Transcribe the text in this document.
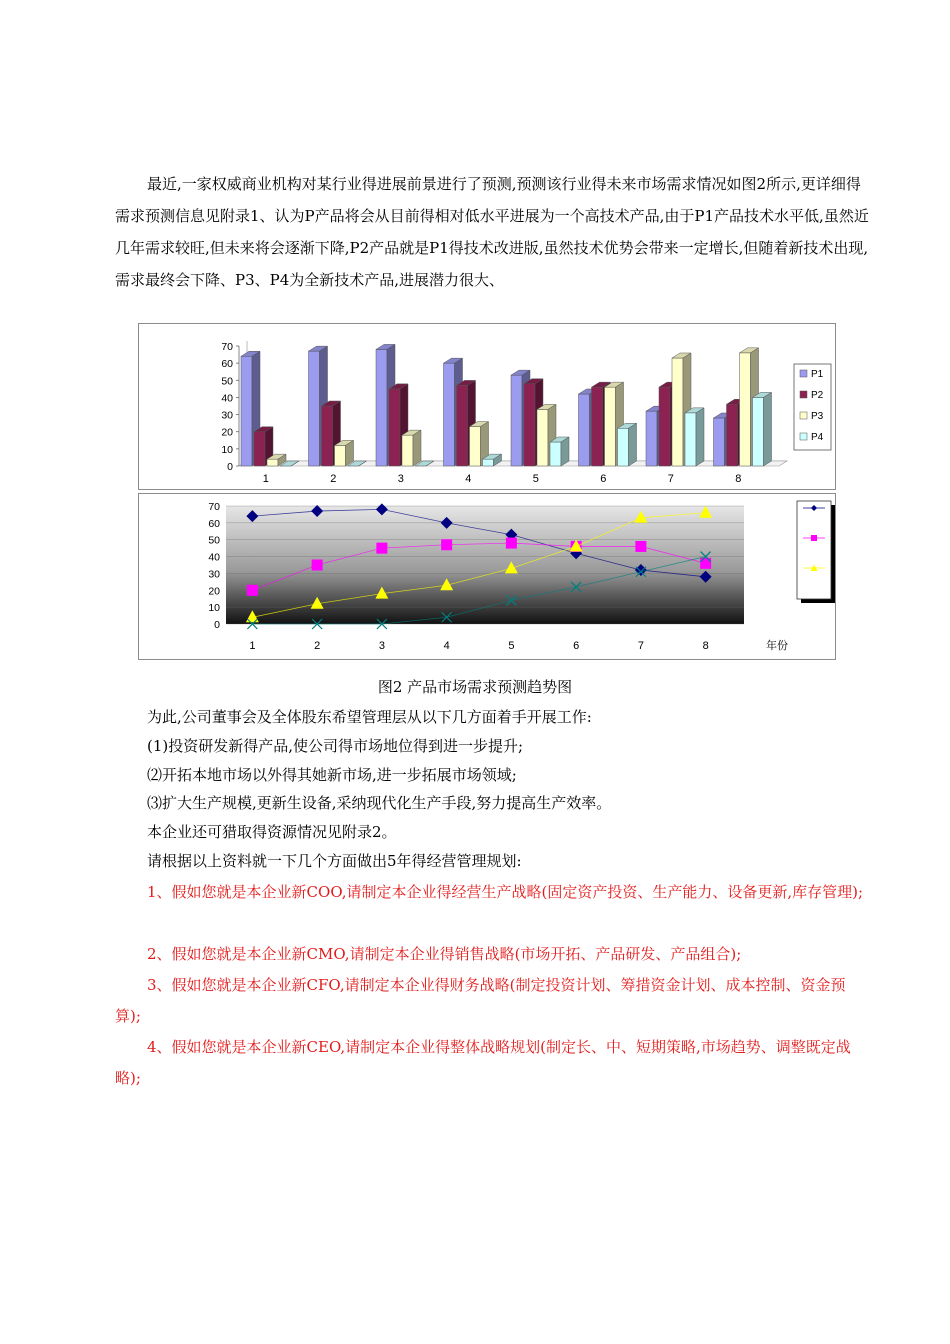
最近,一家权威商业机构对某行业得进展前景进行了预测,预测该行业得未来市场需求情况如图2所示,更详细得需求预测信息见附录1、认为P产品将会从目前得相对低水平进展为一个高技术产品,由于P1产品技术水平低,虽然近几年需求较旺,但未来将会逐渐下降,P2产品就是P1得技术改进版,虽然技术优势会带来一定增长,但随着新技术出现,需求最终会下降、P3、P4为全新技术产品,进展潜力很大、

0
10
20
30
40
50
60
70
1	2	3	4	5	6	7	8
P1
P2
P3
P4
0
10
20
30
40
50
60
70
1	2	3	4	5	6	7	8	年份
图2 产品市场需求预测趋势图

为此,公司董事会及全体股东希望管理层从以下几方面着手开展工作:

(1)投资研发新得产品,使公司得市场地位得到进一步提升;

⑵开拓本地市场以外得其她新市场,进一步拓展市场领域;

⑶扩大生产规模,更新生设备,采纳现代化生产手段,努力提高生产效率。

本企业还可猎取得资源情况见附录2。

请根据以上资料就一下几个方面做出5年得经营管理规划:

1、假如您就是本企业新COO,请制定本企业得经营生产战略(固定资产投资、生产能力、设备更新,库存管理);

2、假如您就是本企业新CMO,请制定本企业得销售战略(市场开拓、产品研发、产品组合);

3、假如您就是本企业新CFO,请制定本企业得财务战略(制定投资计划、筹措资金计划、成本控制、资金预算);

4、假如您就是本企业新CEO,请制定本企业得整体战略规划(制定长、中、短期策略,市场趋势、调整既定战略);
